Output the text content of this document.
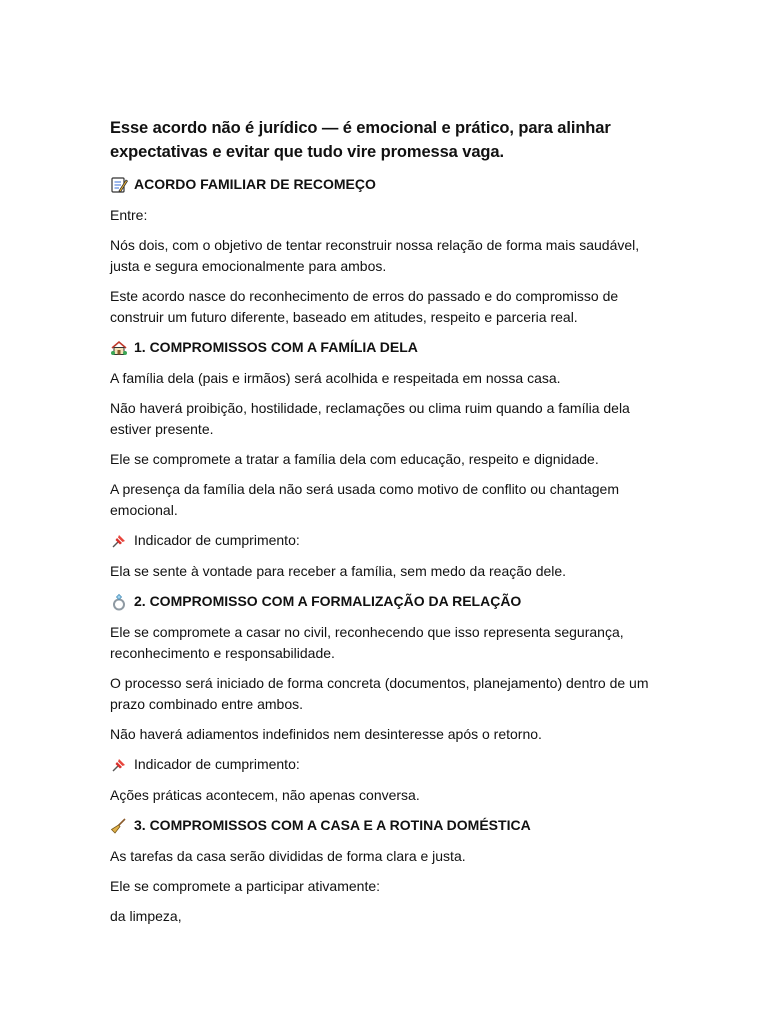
Esse acordo não é jurídico — é emocional e prático, para alinhar expectativas e evitar que tudo vire promessa vaga.
ACORDO FAMILIAR DE RECOMEÇO
Entre:
Nós dois, com o objetivo de tentar reconstruir nossa relação de forma mais saudável, justa e segura emocionalmente para ambos.
Este acordo nasce do reconhecimento de erros do passado e do compromisso de construir um futuro diferente, baseado em atitudes, respeito e parceria real.
1. COMPROMISSOS COM A FAMÍLIA DELA
A família dela (pais e irmãos) será acolhida e respeitada em nossa casa.
Não haverá proibição, hostilidade, reclamações ou clima ruim quando a família dela estiver presente.
Ele se compromete a tratar a família dela com educação, respeito e dignidade.
A presença da família dela não será usada como motivo de conflito ou chantagem emocional.
Indicador de cumprimento:
Ela se sente à vontade para receber a família, sem medo da reação dele.
2. COMPROMISSO COM A FORMALIZAÇÃO DA RELAÇÃO
Ele se compromete a casar no civil, reconhecendo que isso representa segurança, reconhecimento e responsabilidade.
O processo será iniciado de forma concreta (documentos, planejamento) dentro de um prazo combinado entre ambos.
Não haverá adiamentos indefinidos nem desinteresse após o retorno.
Indicador de cumprimento:
Ações práticas acontecem, não apenas conversa.
3. COMPROMISSOS COM A CASA E A ROTINA DOMÉSTICA
As tarefas da casa serão divididas de forma clara e justa.
Ele se compromete a participar ativamente:
da limpeza,
